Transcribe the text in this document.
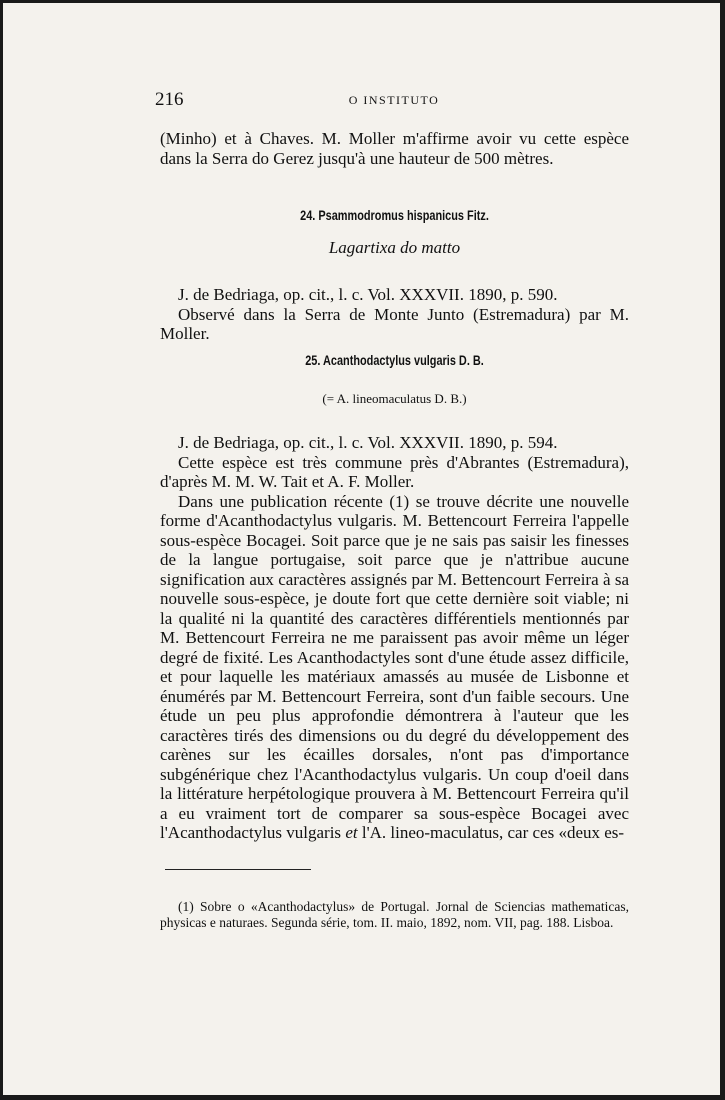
216	O INSTITUTO

(Minho) et à Chaves. M. Moller m'affirme avoir vu cette espèce dans la Serra do Gerez jusqu'à une hauteur de 500 mètres.

24. Psammodromus hispanicus Fitz.
Lagartixa do matto

J. de Bedriaga, op. cit., l. c. Vol. XXXVII. 1890, p. 590.

Observé dans la Serra de Monte Junto (Estremadura) par M. Moller.

25. Acanthodactylus vulgaris D. B.
(= A. lineomaculatus D. B.)

J. de Bedriaga, op. cit., l. c. Vol. XXXVII. 1890, p. 594.

Cette espèce est très commune près d'Abrantes (Estremadura), d'après M. M. W. Tait et A. F. Moller.

Dans une publication récente (1) se trouve décrite une nouvelle forme d'Acanthodactylus vulgaris. M. Bettencourt Ferreira l'appelle sous-espèce Bocagei. Soit parce que je ne sais pas saisir les finesses de la langue portugaise, soit parce que je n'attribue aucune signification aux caractères assignés par M. Bettencourt Ferreira à sa nouvelle sous-espèce, je doute fort que cette dernière soit viable; ni la qualité ni la quantité des caractères différentiels mentionnés par M. Bettencourt Ferreira ne me paraissent pas avoir même un léger degré de fixité. Les Acanthodactyles sont d'une étude assez difficile, et pour laquelle les matériaux amassés au musée de Lisbonne et énumérés par M. Bettencourt Ferreira, sont d'un faible secours. Une étude un peu plus approfondie démontrera à l'auteur que les caractères tirés des dimensions ou du degré du développement des carènes sur les écailles dorsales, n'ont pas d'importance subgénérique chez l'Acanthodactylus vulgaris. Un coup d'oeil dans la littérature herpétologique prouvera à M. Bettencourt Ferreira qu'il a eu vraiment tort de comparer sa sous-espèce Bocagei avec l'Acanthodactylus vulgaris et l'A. lineo-maculatus, car ces «deux es-

(1) Sobre o «Acanthodactylus» de Portugal. Jornal de Sciencias mathematicas, physicas e naturaes. Segunda série, tom. II. maio, 1892, nom. VII, pag. 188. Lisboa.
